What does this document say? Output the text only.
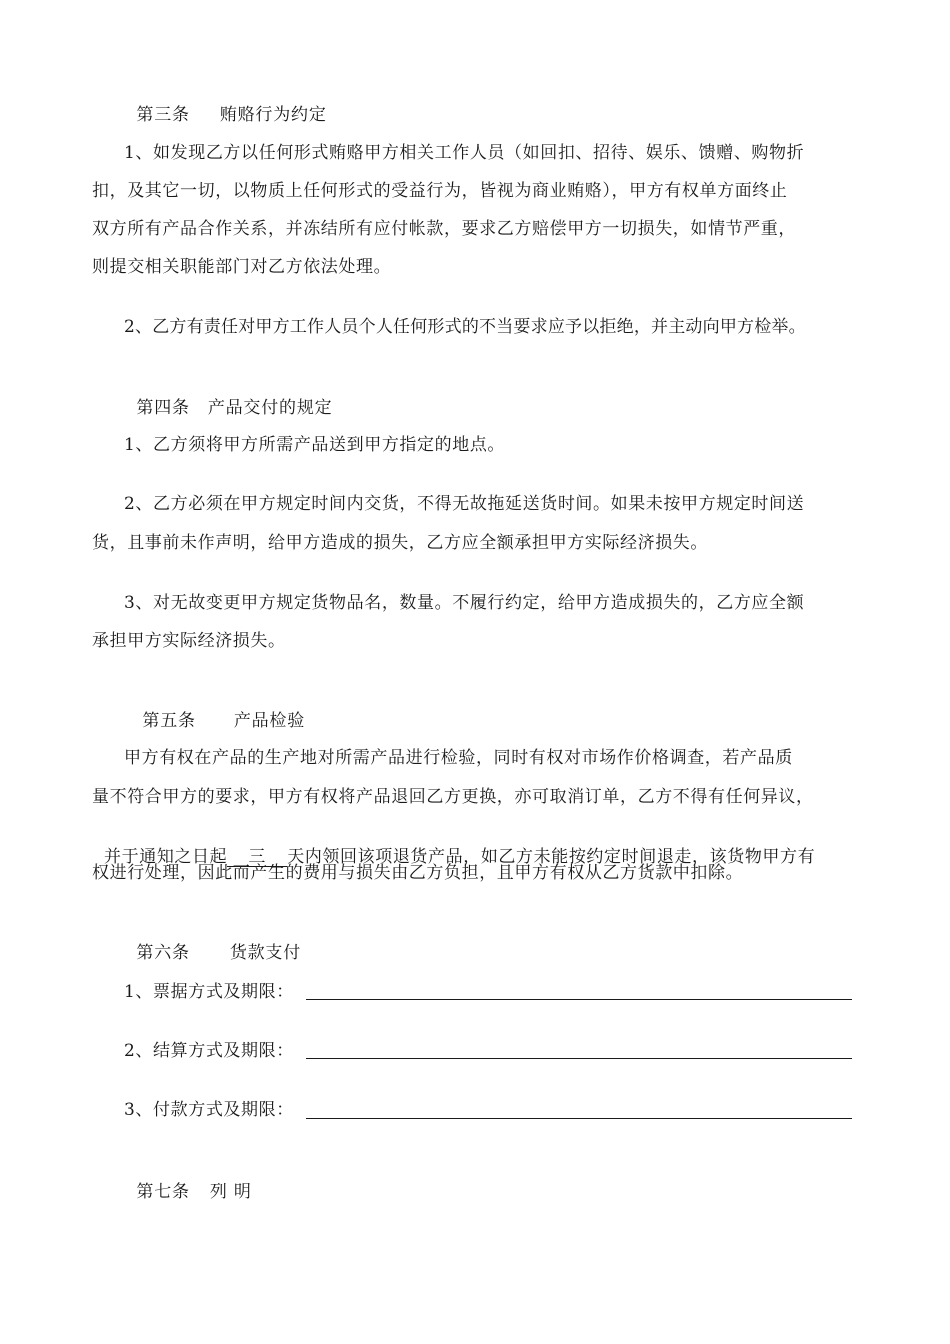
第三条 贿赂行为约定

1、如发现乙方以任何形式贿赂甲方相关工作人员（如回扣、招待、娱乐、馈赠、购物折
扣，及其它一切，以物质上任何形式的受益行为，皆视为商业贿赂），甲方有权单方面终止
双方所有产品合作关系，并冻结所有应付帐款，要求乙方赔偿甲方一切损失，如情节严重，
则提交相关职能部门对乙方依法处理。
2、乙方有责任对甲方工作人员个人任何形式的不当要求应予以拒绝，并主动向甲方检举。

第四条 产品交付的规定

1、乙方须将甲方所需产品送到甲方指定的地点。
2、乙方必须在甲方规定时间内交货，不得无故拖延送货时间。如果未按甲方规定时间送
货，且事前未作声明，给甲方造成的损失，乙方应全额承担甲方实际经济损失。
3、对无故变更甲方规定货物品名，数量。不履行约定，给甲方造成损失的，乙方应全额
承担甲方实际经济损失。

第五条 产品检验

甲方有权在产品的生产地对所需产品进行检验，同时有权对市场作价格调查，若产品质
量不符合甲方的要求，甲方有权将产品退回乙方更换，亦可取消订单，乙方不得有任何异议，

并于通知之日起 三 天内领回该项退货产品，如乙方未能按约定时间退走，该货物甲方有

权进行处理，因此而产生的费用与损失由乙方负担，且甲方有权从乙方货款中扣除。

第六条 货款支付

1、票据方式及期限：
2、结算方式及期限：
3、付款方式及期限：

第七条 列 明
